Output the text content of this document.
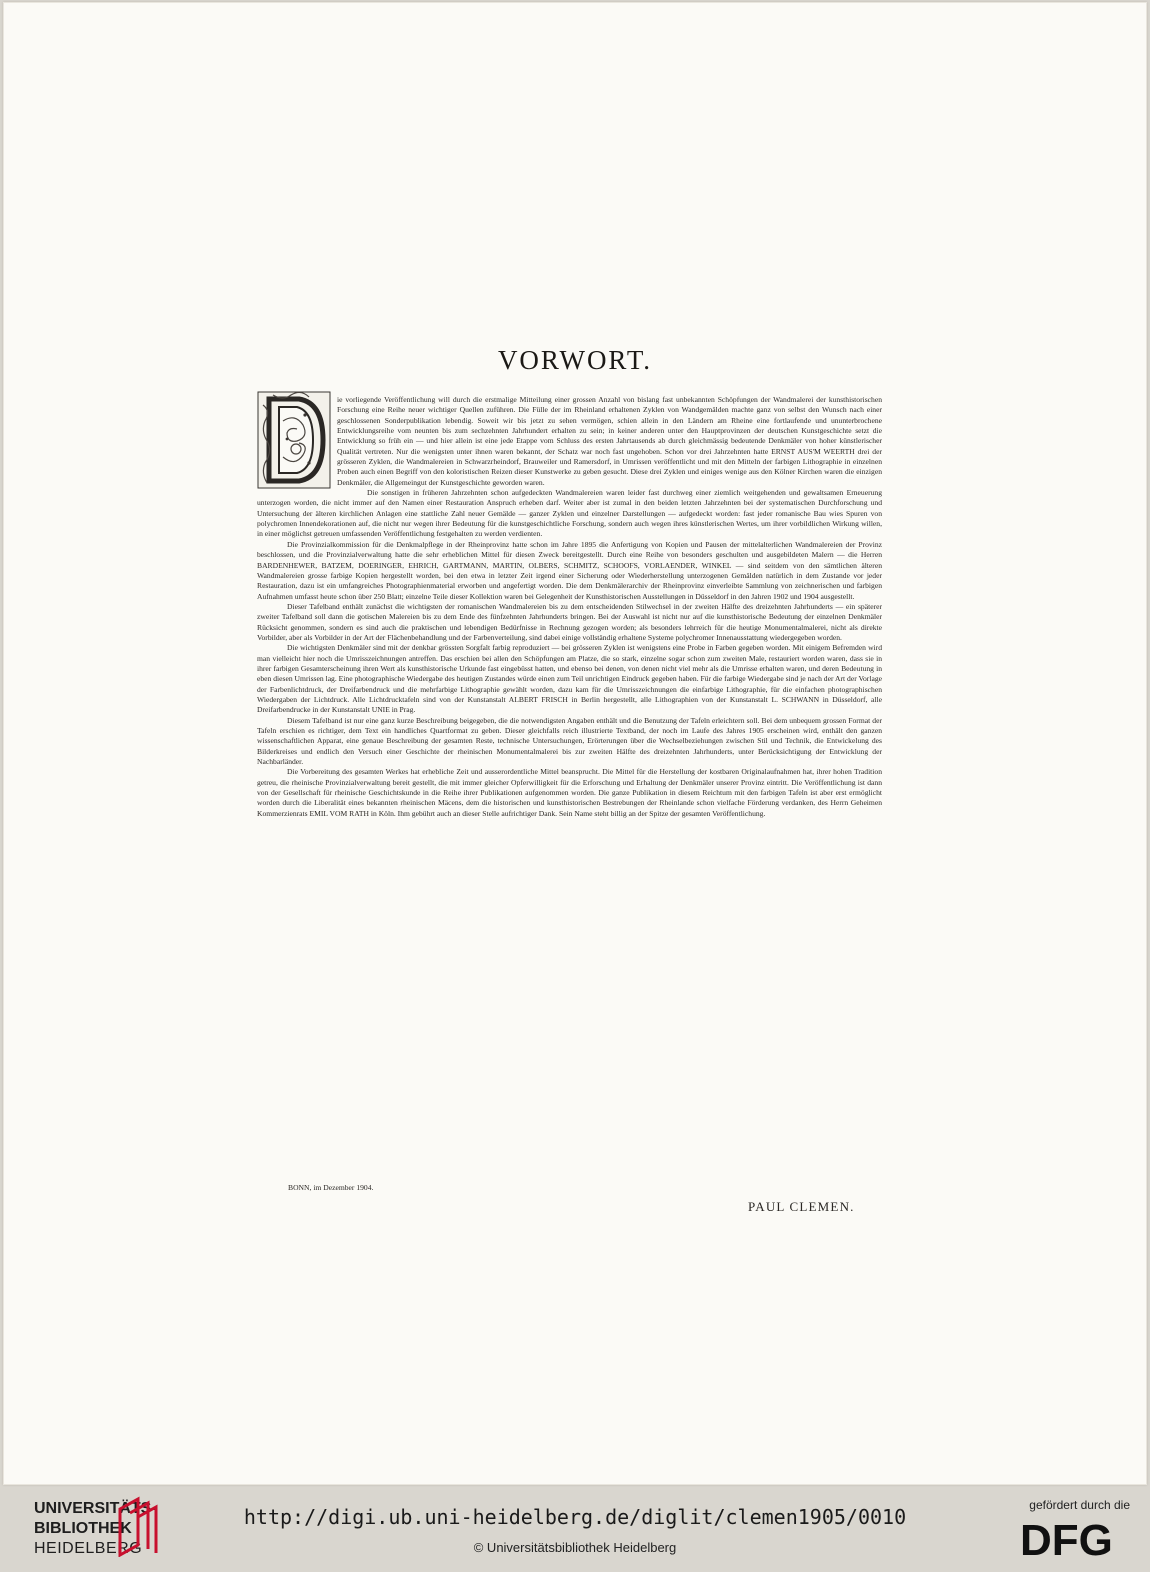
VORWORT.

ie vorliegende Veröffentlichung will durch die erstmalige Mitteilung einer grossen Anzahl von bislang fast unbekannten Schöpfungen der Wandmalerei der kunsthistorischen Forschung eine Reihe neuer wichtiger Quellen zuführen. Die Fülle der im Rheinland erhaltenen Zyklen von Wandgemälden machte ganz von selbst den Wunsch nach einer geschlossenen Sonderpublikation lebendig. Soweit wir bis jetzt zu sehen vermögen, schien allein in den Ländern am Rheine eine fortlaufende und ununterbrochene Entwicklungsreihe vom neunten bis zum sechzehnten Jahrhundert erhalten zu sein; in keiner anderen unter den Hauptprovinzen der deutschen Kunstgeschichte setzt die Entwicklung so früh ein — und hier allein ist eine jede Etappe vom Schluss des ersten Jahrtausends ab durch gleichmässig bedeutende Denkmäler von hoher künstlerischer Qualität vertreten. Nur die wenigsten unter ihnen waren bekannt, der Schatz war noch fast ungehoben. Schon vor drei Jahrzehnten hatte ERNST AUS'M WEERTH drei der grösseren Zyklen, die Wandmalereien in Schwarzrheindorf, Brauweiler und Ramersdorf, in Umrissen veröffentlicht und mit den Mitteln der farbigen Lithographie in einzelnen Proben auch einen Begriff von den koloristischen Reizen dieser Kunstwerke zu geben gesucht. Diese drei Zyklen und einiges wenige aus den Kölner Kirchen waren die einzigen Denkmäler, die Allgemeingut der Kunstgeschichte geworden waren.

Die sonstigen in früheren Jahrzehnten schon aufgedeckten Wandmalereien waren leider fast durchweg einer ziemlich weitgehenden und gewaltsamen Erneuerung unterzogen worden, die nicht immer auf den Namen einer Restauration Anspruch erheben darf. Weiter aber ist zumal in den beiden letzten Jahrzehnten bei der systematischen Durchforschung und Untersuchung der älteren kirchlichen Anlagen eine stattliche Zahl neuer Gemälde — ganzer Zyklen und einzelner Darstellungen — aufgedeckt worden: fast jeder romanische Bau wies Spuren von polychromen Innendekorationen auf, die nicht nur wegen ihrer Bedeutung für die kunstgeschichtliche Forschung, sondern auch wegen ihres künstlerischen Wertes, um ihrer vorbildlichen Wirkung willen, in einer möglichst getreuen umfassenden Veröffentlichung festgehalten zu werden verdienten.

Die Provinzialkommission für die Denkmalpflege in der Rheinprovinz hatte schon im Jahre 1895 die Anfertigung von Kopien und Pausen der mittelalterlichen Wandmalereien der Provinz beschlossen, und die Provinzialverwaltung hatte die sehr erheblichen Mittel für diesen Zweck bereitgestellt. Durch eine Reihe von besonders geschulten und ausgebildeten Malern — die Herren BARDENHEWER, BATZEM, DOERINGER, EHRICH, GARTMANN, MARTIN, OLBERS, SCHMITZ, SCHOOFS, VORLAENDER, WINKEL — sind seitdem von den sämtlichen älteren Wandmalereien grosse farbige Kopien hergestellt worden, bei den etwa in letzter Zeit irgend einer Sicherung oder Wiederherstellung unterzogenen Gemälden natürlich in dem Zustande vor jeder Restauration, dazu ist ein umfangreiches Photographienmaterial erworben und angefertigt worden. Die dem Denkmälerarchiv der Rheinprovinz einverleibte Sammlung von zeichnerischen und farbigen Aufnahmen umfasst heute schon über 250 Blatt; einzelne Teile dieser Kollektion waren bei Gelegenheit der Kunsthistorischen Ausstellungen in Düsseldorf in den Jahren 1902 und 1904 ausgestellt.

Dieser Tafelband enthält zunächst die wichtigsten der romanischen Wandmalereien bis zu dem entscheidenden Stilwechsel in der zweiten Hälfte des dreizehnten Jahrhunderts — ein späterer zweiter Tafelband soll dann die gotischen Malereien bis zu dem Ende des fünfzehnten Jahrhunderts bringen. Bei der Auswahl ist nicht nur auf die kunsthistorische Bedeutung der einzelnen Denkmäler Rücksicht genommen, sondern es sind auch die praktischen und lebendigen Bedürfnisse in Rechnung gezogen worden; als besonders lehrreich für die heutige Monumentalmalerei, nicht als direkte Vorbilder, aber als Vorbilder in der Art der Flächenbehandlung und der Farbenverteilung, sind dabei einige vollständig erhaltene Systeme polychromer Innenausstattung wiedergegeben worden.

Die wichtigsten Denkmäler sind mit der denkbar grössten Sorgfalt farbig reproduziert — bei grösseren Zyklen ist wenigstens eine Probe in Farben gegeben worden. Mit einigem Befremden wird man vielleicht hier noch die Umrisszeichnungen antreffen. Das erschien bei allen den Schöpfungen am Platze, die so stark, einzelne sogar schon zum zweiten Male, restauriert worden waren, dass sie in ihrer farbigen Gesamterscheinung ihren Wert als kunsthistorische Urkunde fast eingebüsst hatten, und ebenso bei denen, von denen nicht viel mehr als die Umrisse erhalten waren, und deren Bedeutung in eben diesen Umrissen lag. Eine photographische Wiedergabe des heutigen Zustandes würde einen zum Teil unrichtigen Eindruck gegeben haben. Für die farbige Wiedergabe sind je nach der Art der Vorlage der Farbenlichtdruck, der Dreifarbendruck und die mehrfarbige Lithographie gewählt worden, dazu kam für die Umrisszeichnungen die einfarbige Lithographie, für die einfachen photographischen Wiedergaben der Lichtdruck. Alle Lichtdrucktafeln sind von der Kunstanstalt ALBERT FRISCH in Berlin hergestellt, alle Lithographien von der Kunstanstalt L. SCHWANN in Düsseldorf, alle Dreifarbendrucke in der Kunstanstalt UNIE in Prag.

Diesem Tafelband ist nur eine ganz kurze Beschreibung beigegeben, die die notwendigsten Angaben enthält und die Benutzung der Tafeln erleichtern soll. Bei dem unbequem grossen Format der Tafeln erschien es richtiger, dem Text ein handliches Quartformat zu geben. Dieser gleichfalls reich illustrierte Textband, der noch im Laufe des Jahres 1905 erscheinen wird, enthält den ganzen wissenschaftlichen Apparat, eine genaue Beschreibung der gesamten Reste, technische Untersuchungen, Erörterungen über die Wechselbeziehungen zwischen Stil und Technik, die Entwickelung des Bilderkreises und endlich den Versuch einer Geschichte der rheinischen Monumentalmalerei bis zur zweiten Hälfte des dreizehnten Jahrhunderts, unter Berücksichtigung der Entwicklung der Nachbarländer.

Die Vorbereitung des gesamten Werkes hat erhebliche Zeit und ausserordentliche Mittel beansprucht. Die Mittel für die Herstellung der kostbaren Originalaufnahmen hat, ihrer hohen Tradition getreu, die rheinische Provinzialverwaltung bereit gestellt, die mit immer gleicher Opferwilligkeit für die Erforschung und Erhaltung der Denkmäler unserer Provinz eintritt. Die Veröffentlichung ist dann von der Gesellschaft für rheinische Geschichtskunde in die Reihe ihrer Publikationen aufgenommen worden. Die ganze Publikation in diesem Reichtum mit den farbigen Tafeln ist aber erst ermöglicht worden durch die Liberalität eines bekannten rheinischen Mäcens, dem die historischen und kunsthistorischen Bestrebungen der Rheinlande schon vielfache Förderung verdanken, des Herrn Geheimen Kommerzienrats EMIL VOM RATH in Köln. Ihm gebührt auch an dieser Stelle aufrichtiger Dank. Sein Name steht billig an der Spitze der gesamten Veröffentlichung.

BONN, im Dezember 1904.
PAUL CLEMEN.
UNIVERSITÄTS-
BIBLIOTHEK
HEIDELBERG
http://digi.ub.uni-heidelberg.de/diglit/clemen1905/0010
© Universitätsbibliothek Heidelberg
gefördert durch die
DFG
